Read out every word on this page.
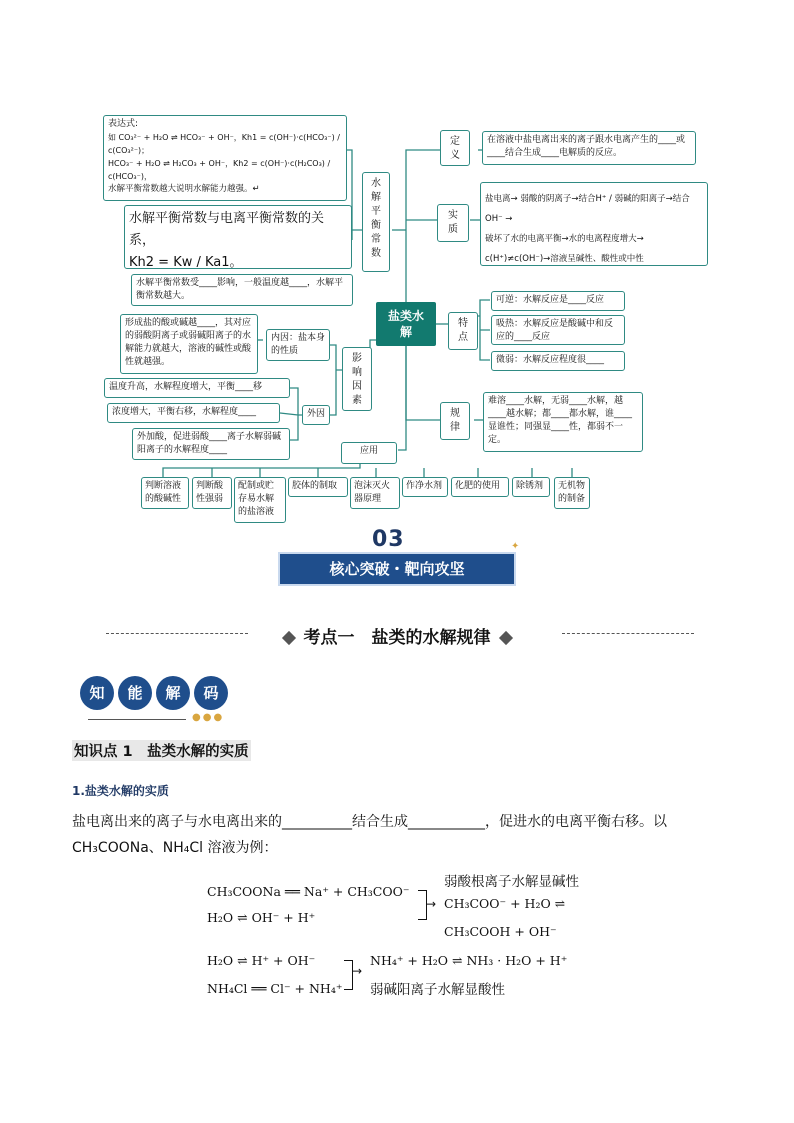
表达式:
如 CO₃²⁻ + H₂O ⇌ HCO₃⁻ + OH⁻，Kh1 = c(OH⁻)·c(HCO₃⁻) / c(CO₃²⁻)；
HCO₃⁻ + H₂O ⇌ H₂CO₃ + OH⁻，Kh2 = c(OH⁻)·c(H₂CO₃) / c(HCO₃⁻)，
水解平衡常数越大说明水解能力越强。↵
水解平衡常数与电离平衡常数的关系，
Kh2 = Kw / Ka1。
水解平衡常数受____影响，一般温度越____，水解平衡常数越大。
水解平衡常数
盐类水解
定义
在溶液中盐电离出来的离子跟水电离产生的____或____结合生成____电解质的反应。
实质
盐电离→ 弱酸的阴离子→结合H⁺ / 弱碱的阳离子→结合OH⁻ →
破坏了水的电离平衡→水的电离程度增大→
c(H⁺)≠c(OH⁻)→溶液呈碱性、酸性或中性
特点
可逆：水解反应是____反应
吸热：水解反应是酸碱中和反应的____反应
微弱：水解反应程度很____
规律
难溶____水解，无弱____水解，越____越水解；都____都水解，谁____显谁性；同强显____性，都弱不一定。
影响因素
内因：盐本身的性质
形成盐的酸或碱越____，其对应的弱酸阴离子或弱碱阳离子的水解能力就越大，溶液的碱性或酸性就越强。
外因
温度升高，水解程度增大，平衡____移
浓度增大，平衡右移，水解程度____
外加酸，促进弱酸____离子水解弱碱阳离子的水解程度____	应用
判断溶液的酸碱性
判断酸性强弱
配制或贮存易水解的盐溶液
胶体的制取	泡沫灭火器原理
作净水剂	化肥的使用	除锈剂	无机物的制备
03
核心突破・靶向攻坚
✦
考点一　盐类的水解规律
知	能	解	码
●●●
知识点 1　盐类水解的实质
1.盐类水解的实质
盐电离出来的离子与水电离出来的__________结合生成___________，促进水的电离平衡右移。以
CH₃COONa、NH₄Cl 溶液为例：
CH₃COONa ══ Na⁺ + CH₃COO⁻
H₂O ⇌ OH⁻ + H⁺
→
弱酸根离子水解显碱性
CH₃COO⁻ + H₂O ⇌
CH₃COOH + OH⁻
H₂O ⇌ H⁺ + OH⁻
NH₄Cl ══ Cl⁻ + NH₄⁺
→
NH₄⁺ + H₂O ⇌ NH₃ · H₂O + H⁺
弱碱阳离子水解显酸性
